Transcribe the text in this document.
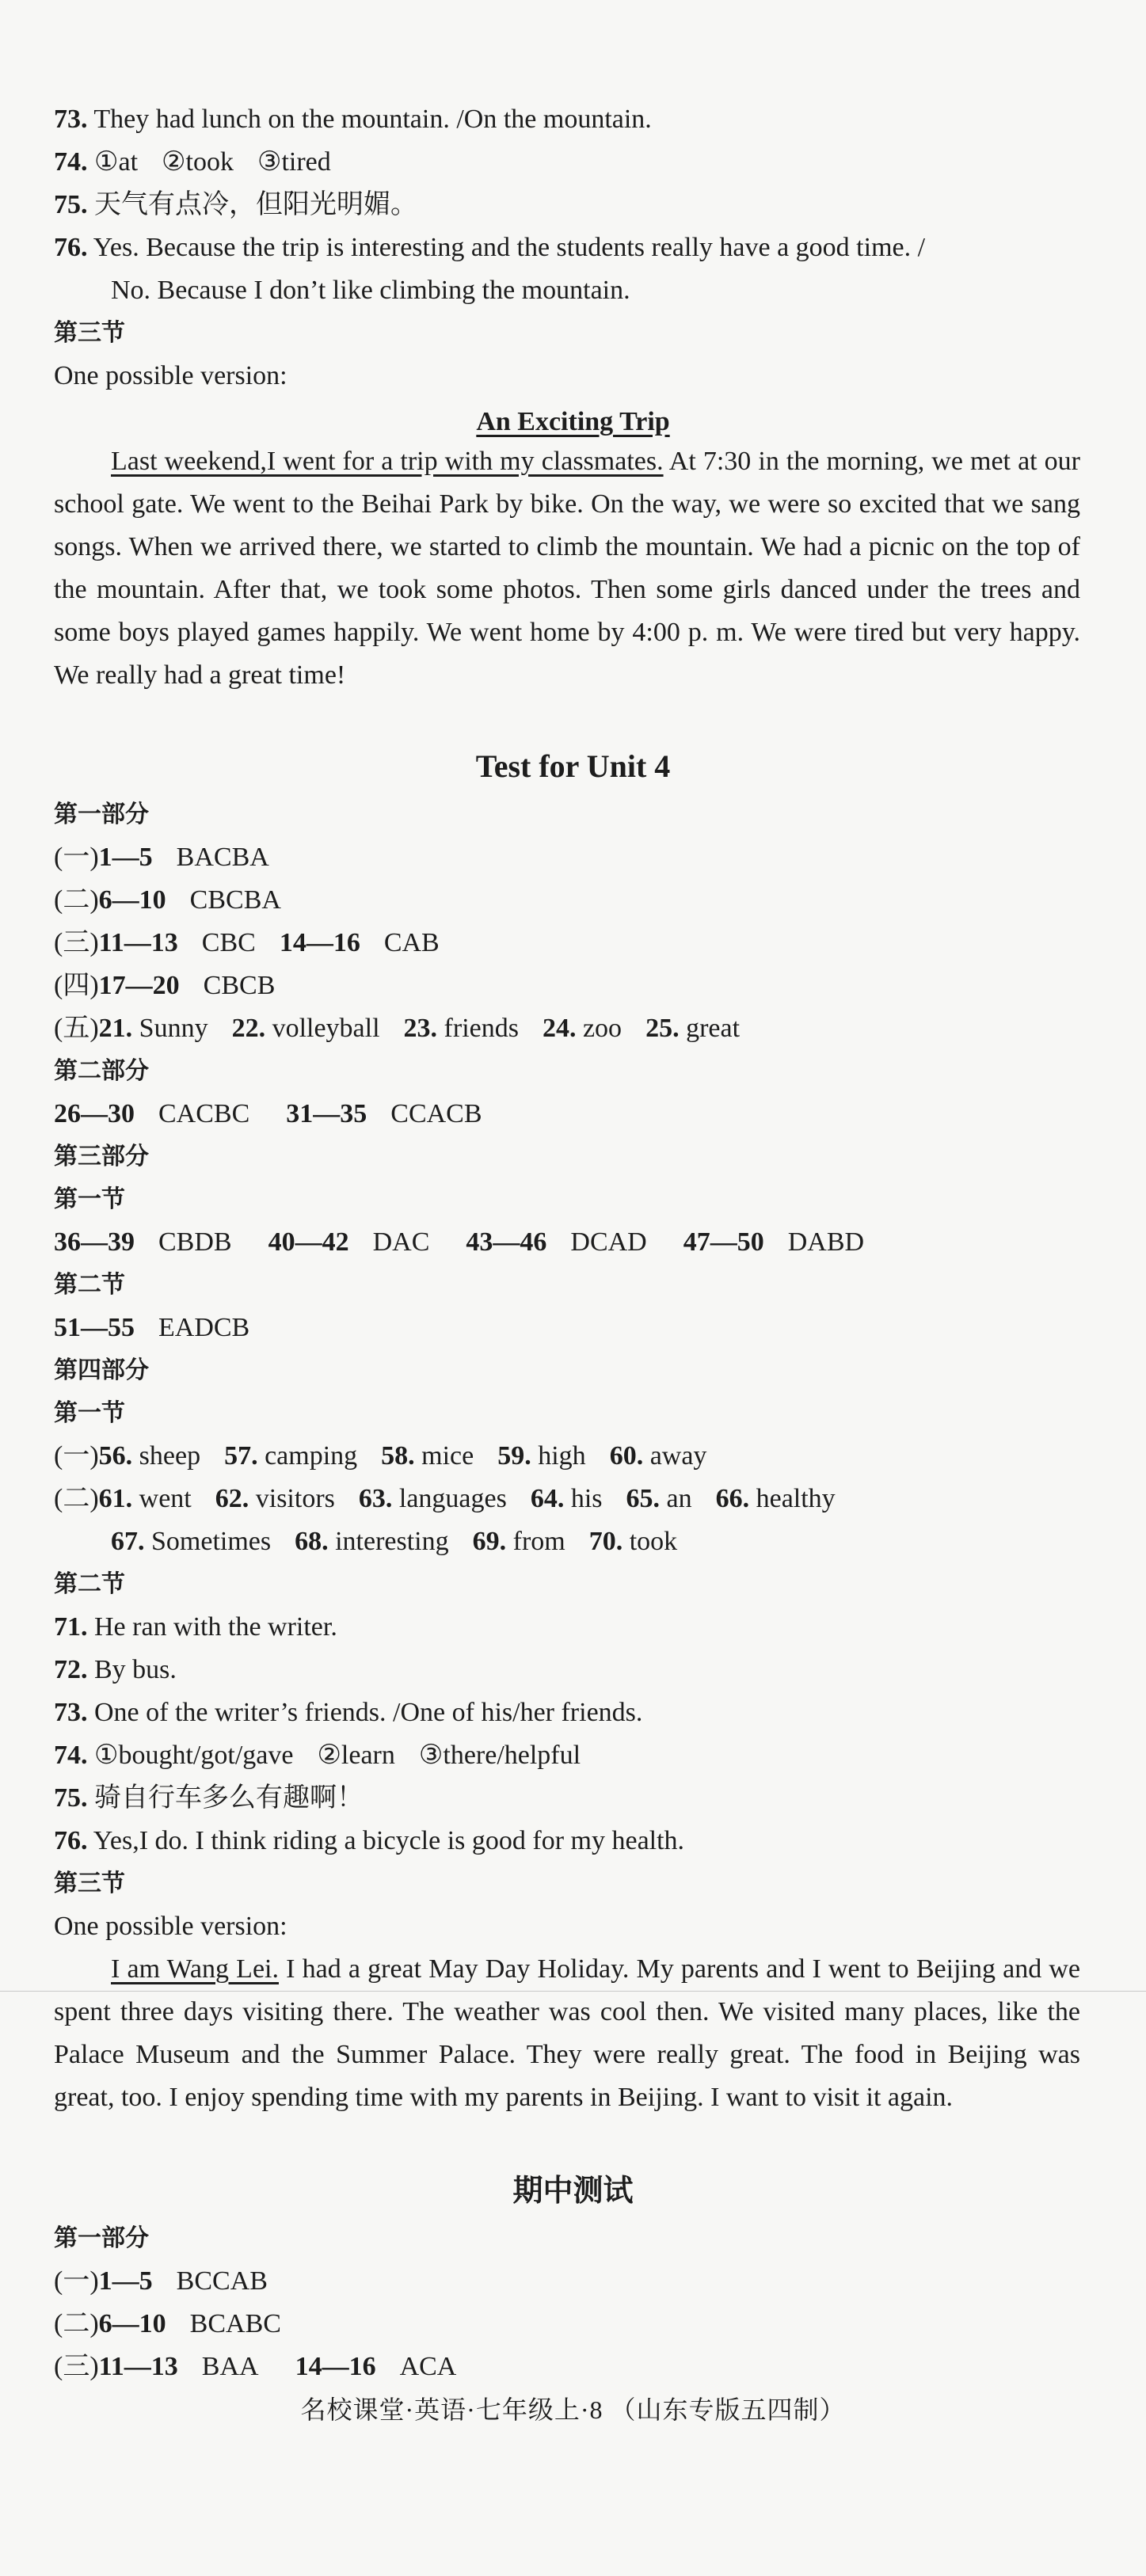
73. They had lunch on the mountain. /On the mountain.
74. ①at ②took ③tired
75. 天气有点冷，但阳光明媚。
76. Yes. Because the trip is interesting and the students really have a good time. /
No. Because I don’t like climbing the mountain.
第三节
One possible version:
An Exciting Trip

Last weekend,I went for a trip with my classmates. At 7:30 in the morning, we met at our school gate. We went to the Beihai Park by bike. On the way, we were so excited that we sang songs. When we arrived there, we started to climb the mountain. We had a picnic on the top of the mountain. After that, we took some photos. Then some girls danced under the trees and some boys played games happily. We went home by 4:00 p. m. We were tired but very happy. We really had a great time!

Test for Unit 4
第一部分
(一)1—5 BACBA
(二)6—10 CBCBA
(三)11—13 CBC 14—16 CAB
(四)17—20 CBCB
(五)21. Sunny 22. volleyball 23. friends 24. zoo 25. great
第二部分
26—30 CACBC 31—35 CCACB
第三部分
第一节
36—39 CBDB 40—42 DAC 43—46 DCAD 47—50 DABD
第二节
51—55 EADCB
第四部分
第一节
(一)56. sheep 57. camping 58. mice 59. high 60. away
(二)61. went 62. visitors 63. languages 64. his 65. an 66. healthy
67. Sometimes 68. interesting 69. from 70. took
第二节
71. He ran with the writer.
72. By bus.
73. One of the writer’s friends. /One of his/her friends.
74. ①bought/got/gave ②learn ③there/helpful
75. 骑自行车多么有趣啊！
76. Yes,I do. I think riding a bicycle is good for my health.
第三节
One possible version:

I am Wang Lei. I had a great May Day Holiday. My parents and I went to Beijing and we spent three days visiting there. The weather was cool then. We visited many places, like the Palace Museum and the Summer Palace. They were really great. The food in Beijing was great, too. I enjoy spending time with my parents in Beijing. I want to visit it again.

期中测试
第一部分
(一)1—5 BCCAB
(二)6—10 BCABC
(三)11—13 BAA 14—16 ACA
名校课堂·英语·七年级上·8 （山东专版五四制）
